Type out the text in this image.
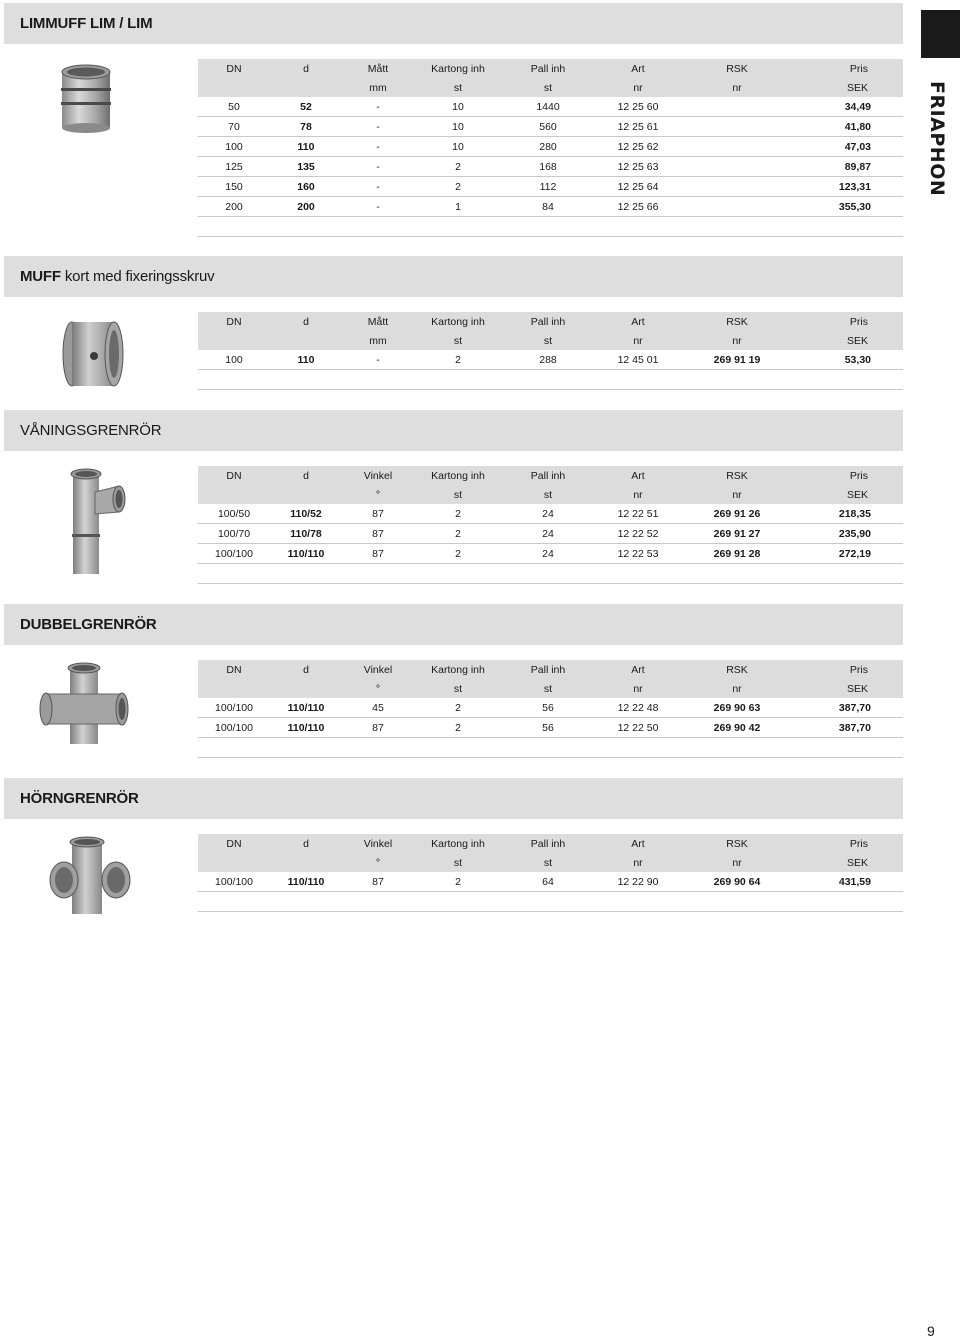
FRIAPHON
LIMMUFF LIM / LIM
DN	d	Mått	Kartong inh	Pall inh	Art	RSK	Pris
		mm	st	st	nr	nr	SEK
50	52	-	10	1440	12 25 60		34,49
70	78	-	10	560	12 25 61		41,80
100	110	-	10	280	12 25 62		47,03
125	135	-	2	168	12 25 63		89,87
150	160	-	2	112	12 25 64		123,31
200	200	-	1	84	12 25 66		355,30

MUFF kort med fixeringsskruv
DN	d	Mått	Kartong inh	Pall inh	Art	RSK	Pris
		mm	st	st	nr	nr	SEK
100	110	-	2	288	12 45 01	269 91 19	53,30

VÅNINGSGRENRÖR
DN	d	Vinkel	Kartong inh	Pall inh	Art	RSK	Pris
		°	st	st	nr	nr	SEK
100/50	110/52	87	2	24	12 22 51	269 91 26	218,35
100/70	110/78	87	2	24	12 22 52	269 91 27	235,90
100/100	110/110	87	2	24	12 22 53	269 91 28	272,19

DUBBELGRENRÖR
DN	d	Vinkel	Kartong inh	Pall inh	Art	RSK	Pris
		°	st	st	nr	nr	SEK
100/100	110/110	45	2	56	12 22 48	269 90 63	387,70
100/100	110/110	87	2	56	12 22 50	269 90 42	387,70

HÖRNGRENRÖR
DN	d	Vinkel	Kartong inh	Pall inh	Art	RSK	Pris
		°	st	st	nr	nr	SEK
100/100	110/110	87	2	64	12 22 90	269 90 64	431,59

9
